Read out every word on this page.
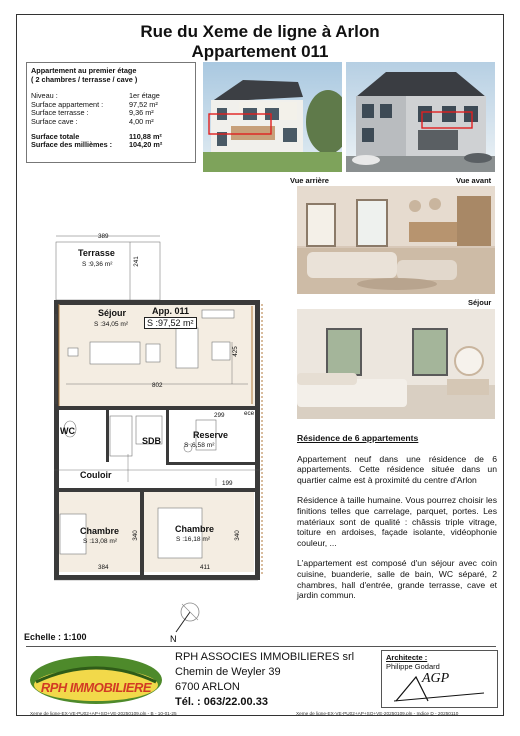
Rue du Xeme de ligne à Arlon
Appartement 011
Appartement au premier étage
( 2 chambres / terrasse / cave )
Niveau :	1er étage
Surface appartement :	97,52 m²
Surface terrasse :	9,36 m²
Surface cave :	4,00 m²
Surface totale	110,88 m²
Surface des millièmes :	104,20 m²
Vue arrière	Vue avant
Séjour
Terrasse
S :9,36 m²
Séjour
S :34,05 m²
App. 011
S :97,52 m²
WC
SDB
Reserve
S :6,58 m²
Couloir
Chambre
S :13,08 m²
Chambre
S :16,18 m²
389
241
425
802
299	ece
199
340	340
384	411
N
Echelle : 1:100

Résidence de 6 appartements

Appartement neuf dans une résidence de 6 appartements. Cette résidence située dans un quartier calme est à proximité du centre d'Arlon

Résidence à taille humaine. Vous pourrez choisir les finitions telles que carrelage, parquet, portes. Les matériaux sont de qualité : châssis triple vitrage, toiture en ardoises, façade isolante, vidéophonie couleur, ...

L'appartement est composé d'un séjour avec coin cuisine, buanderie, salle de bain, WC séparé, 2 chambres, hall d'entrée, grande terrasse, cave et jardin commun.

RPH IMMOBILIERE
RPH ASSOCIES IMMOBILIERES srl
Chemin de Weyler 39
6700 ARLON
Tél. : 063/22.00.33
Architecte :
Philippe Godard
AGP
Xeme de ligne-EX-VE-PU02+AP+SO+VE-20250109.pln - B - 10-01-25	Xeme de ligne-EX-VE-PU02+AP+SO+VE-20250109.pln - Indice D - 20250110
